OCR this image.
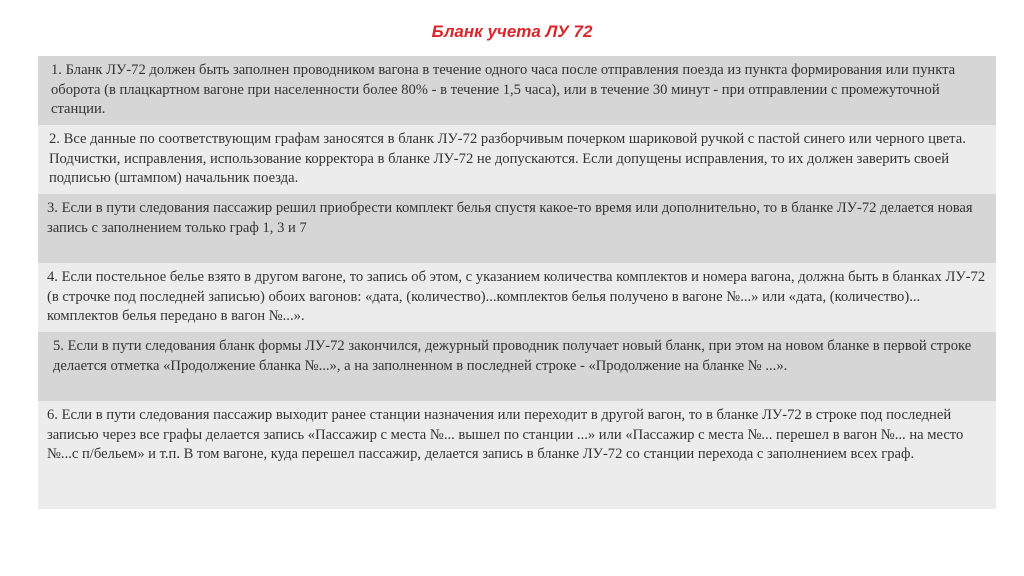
Бланк учета ЛУ 72
1. Бланк ЛУ-72 должен быть заполнен проводником вагона в течение одного часа после отправления поезда из пункта формирования или пункта оборота (в плацкартном вагоне при населенности более 80% - в течение 1,5 часа), или в течение 30 минут - при отправлении с промежуточной станции.
2. Все данные по соответствующим графам заносятся в бланк ЛУ-72 разборчивым почерком шариковой ручкой с пастой синего или черного цвета. Подчистки, исправления, использование корректора в бланке ЛУ-72 не допускаются. Если допущены исправления, то их должен заверить своей подписью (штампом) начальник поезда.
3. Если в пути следования пассажир решил приобрести комплект белья спустя какое-то время или дополнительно, то в бланке ЛУ-72 делается новая запись с заполнением только граф 1, 3 и 7
4. Если постельное белье взято в другом вагоне, то запись об этом, с указанием количества комплектов и номера вагона, должна быть в бланках ЛУ-72 (в строчке под последней записью) обоих вагонов: «дата, (количество)...комплектов белья получено в вагоне №...» или «дата, (количество)... комплектов белья передано в вагон №...».
5. Если в пути следования бланк формы ЛУ-72 закончился, дежурный проводник получает новый бланк, при этом на новом бланке в первой строке делается отметка «Продолжение бланка №...», а на заполненном в последней строке - «Продолжение на бланке № ...».
6. Если в пути следования пассажир выходит ранее станции назначения или переходит в другой вагон, то в бланке ЛУ-72 в строке под последней записью через все графы делается запись «Пассажир с места №... вышел по станции ...» или «Пассажир с места №... перешел в вагон №... на место №...с п/бельем» и т.п. В том вагоне, куда перешел пассажир, делается запись в бланке ЛУ-72 со станции перехода с заполнением всех граф.
